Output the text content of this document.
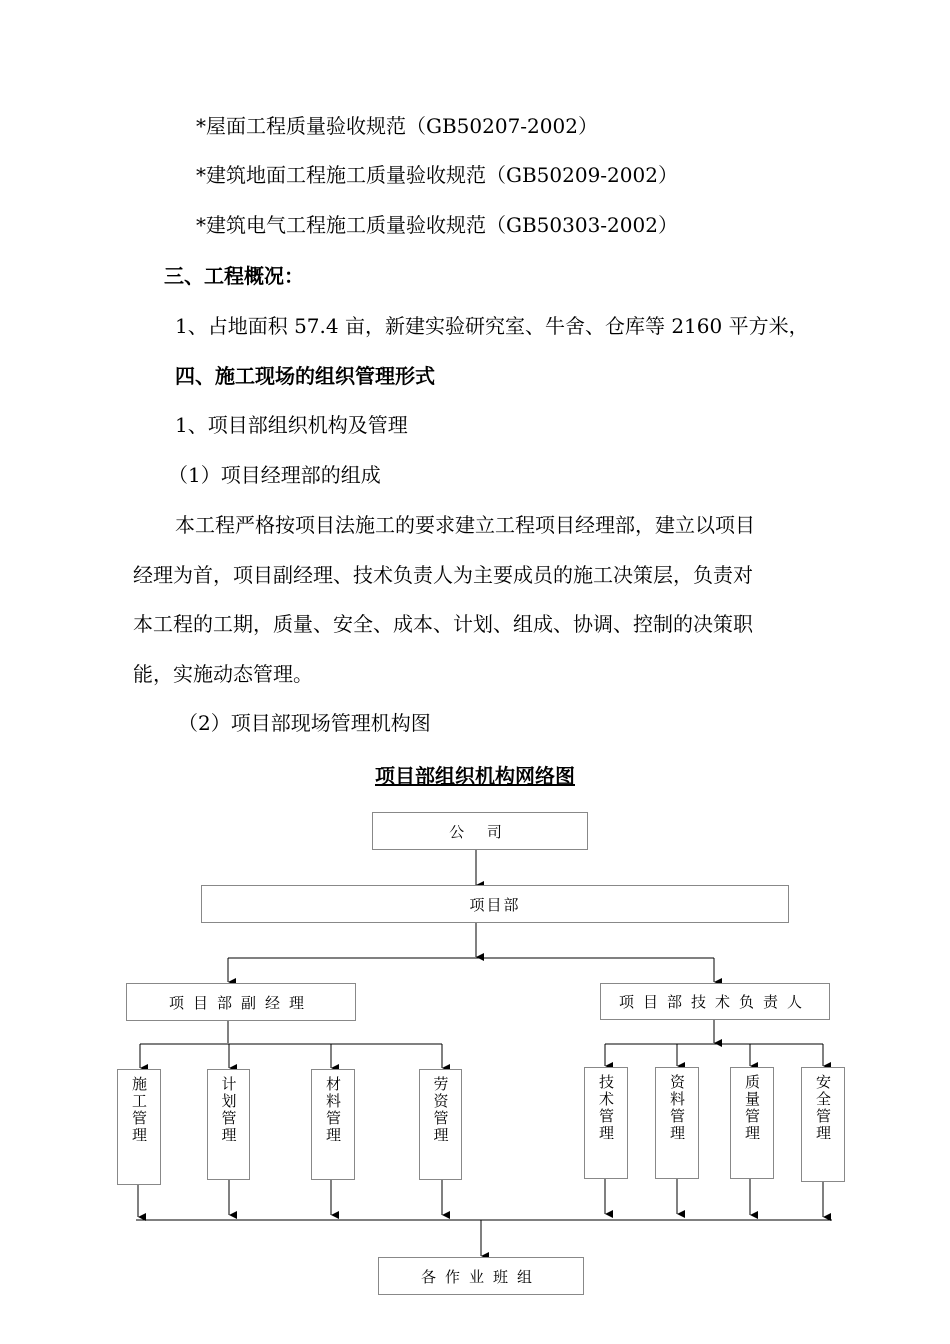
*屋面工程质量验收规范（GB50207-2002）
*建筑地面工程施工质量验收规范（GB50209-2002）
*建筑电气工程施工质量验收规范（GB50303-2002）
三、工程概况：
1、占地面积 57.4 亩，新建实验研究室、牛舍、仓库等 2160 平方米，
四、施工现场的组织管理形式
1、项目部组织机构及管理
（1）项目经理部的组成
本工程严格按项目法施工的要求建立工程项目经理部，建立以项目
经理为首，项目副经理、技术负责人为主要成员的施工决策层，负责对
本工程的工期，质量、安全、成本、计划、组成、协调、控制的决策职
能，实施动态管理。
（2）项目部现场管理机构图
项目部组织机构网络图
公 司
项目部
项目部副经理	项目部技术负责人
施工管理	计划管理	材料管理	劳资管理	技术管理	资料管理	质量管理	安全管理
各作业班组
